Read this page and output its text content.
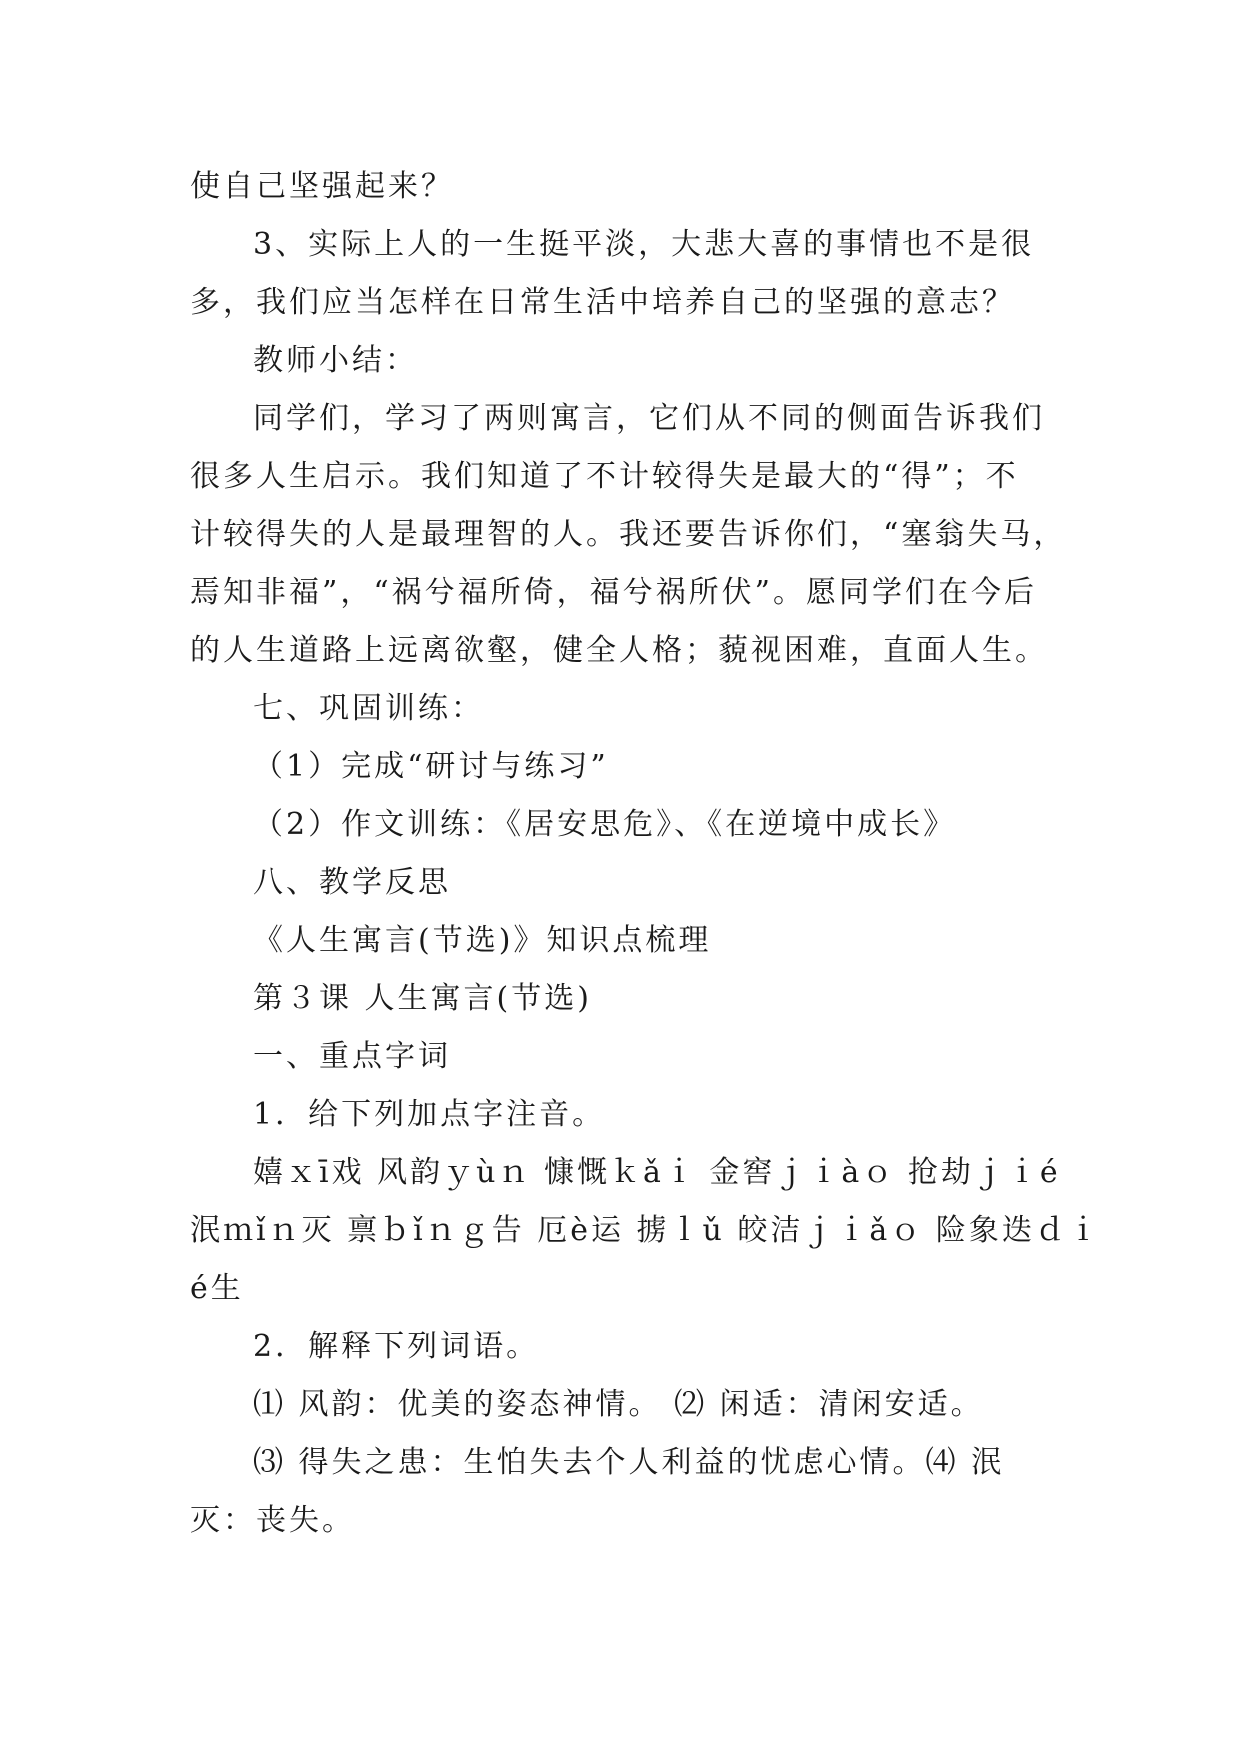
使自己坚强起来？

3、实际上人的一生挺平淡，大悲大喜的事情也不是很

多，我们应当怎样在日常生活中培养自己的坚强的意志？

教师小结：

同学们，学习了两则寓言，它们从不同的侧面告诉我们

很多人生启示。我们知道了不计较得失是最大的“得”；不

计较得失的人是最理智的人。我还要告诉你们，“塞翁失马，

焉知非福”，“祸兮福所倚，福兮祸所伏”。愿同学们在今后

的人生道路上远离欲壑，健全人格；藐视困难，直面人生。

七、巩固训练：

（1）完成“研讨与练习”

（2）作文训练：《居安思危》、《在逆境中成长》

八、教学反思

《人生寓言(节选)》知识点梳理

第３课 人生寓言(节选)

一、重点字词

1．给下列加点字注音。

嬉ｘī戏 风韵ｙùｎ 慷慨ｋǎｉ 金窖ｊｉàｏ 抢劫ｊｉé

泯ｍǐｎ灭 禀ｂǐｎｇ告 厄è运 掳ｌǔ 皎洁ｊｉǎｏ 险象迭ｄｉ

é生

2．解释下列词语。

⑴ 风韵：优美的姿态神情。 ⑵ 闲适：清闲安适。

⑶ 得失之患：生怕失去个人利益的忧虑心情。⑷ 泯

灭：丧失。
